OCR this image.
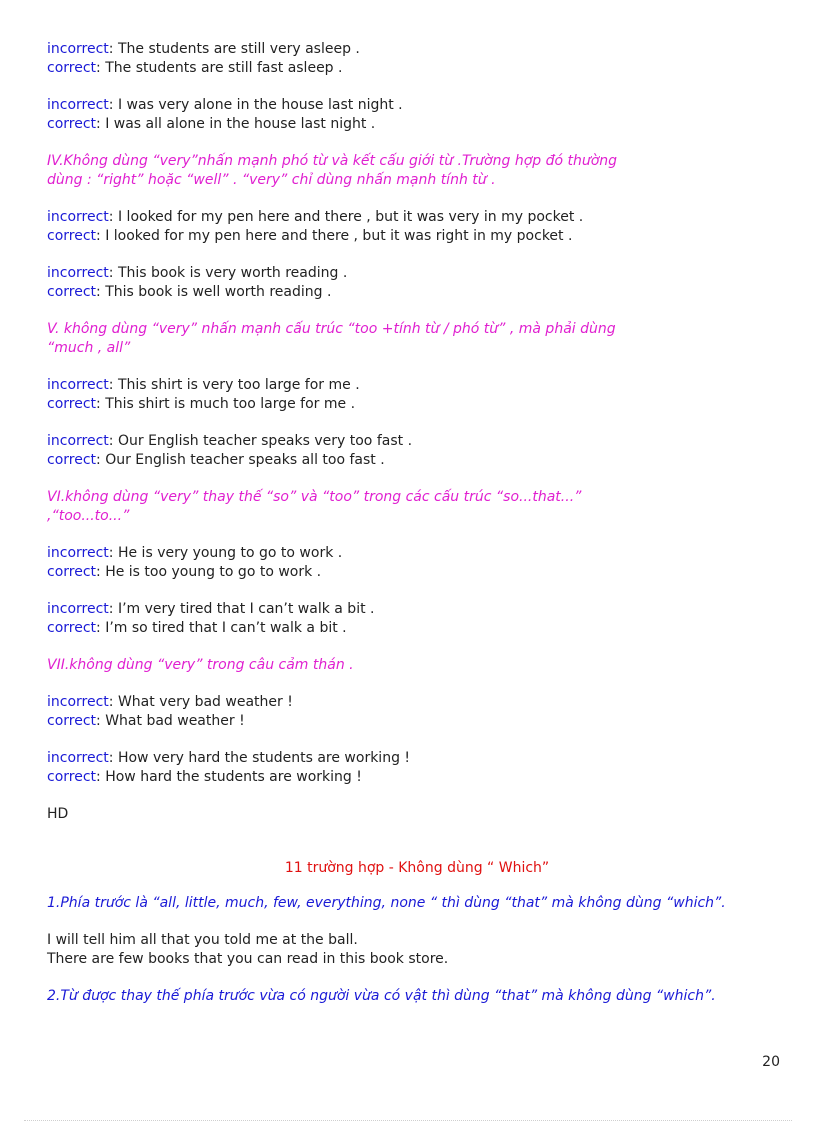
incorrect: The students are still very asleep .
correct: The students are still fast asleep .
incorrect: I was very alone in the house last night .
correct: I was all alone in the house last night .
IV.Không dùng “very”nhấn mạnh phó từ và kết cấu giới từ .Trường hợp đó thường dùng : “right” hoặc “well” . “very” chỉ dùng nhấn mạnh tính từ .
incorrect: I looked for my pen here and there , but it was very in my pocket .
correct: I looked for my pen here and there , but it was right in my pocket .
incorrect: This book is very worth reading .
correct: This book is well worth reading .
V. không dùng “very” nhấn mạnh cấu trúc “too +tính từ / phó từ” , mà phải dùng “much , all”
incorrect: This shirt is very too large for me .
correct: This shirt is much too large for me .
incorrect: Our English teacher speaks very too fast .
correct: Our English teacher speaks all too fast .
VI.không dùng “very” thay thế “so” và “too” trong các cấu trúc “so...that...” ,“too...to...”
incorrect: He is very young to go to work .
correct: He is too young to go to work .
incorrect: I’m very tired that I can’t walk a bit .
correct: I’m so tired that I can’t walk a bit .
VII.không dùng “very” trong câu cảm thán .
incorrect: What very bad weather !
correct: What bad weather !
incorrect: How very hard the students are working !
correct: How hard the students are working !
HD
11 trường hợp - Không dùng “ Which”
1.Phía trước là “all, little, much, few, everything, none “ thì dùng “that” mà không dùng “which”.
I will tell him all that you told me at the ball.
There are few books that you can read in this book store.
2.Từ được thay thế phía trước vừa có người vừa có vật thì dùng “that” mà không dùng “which”.
20
